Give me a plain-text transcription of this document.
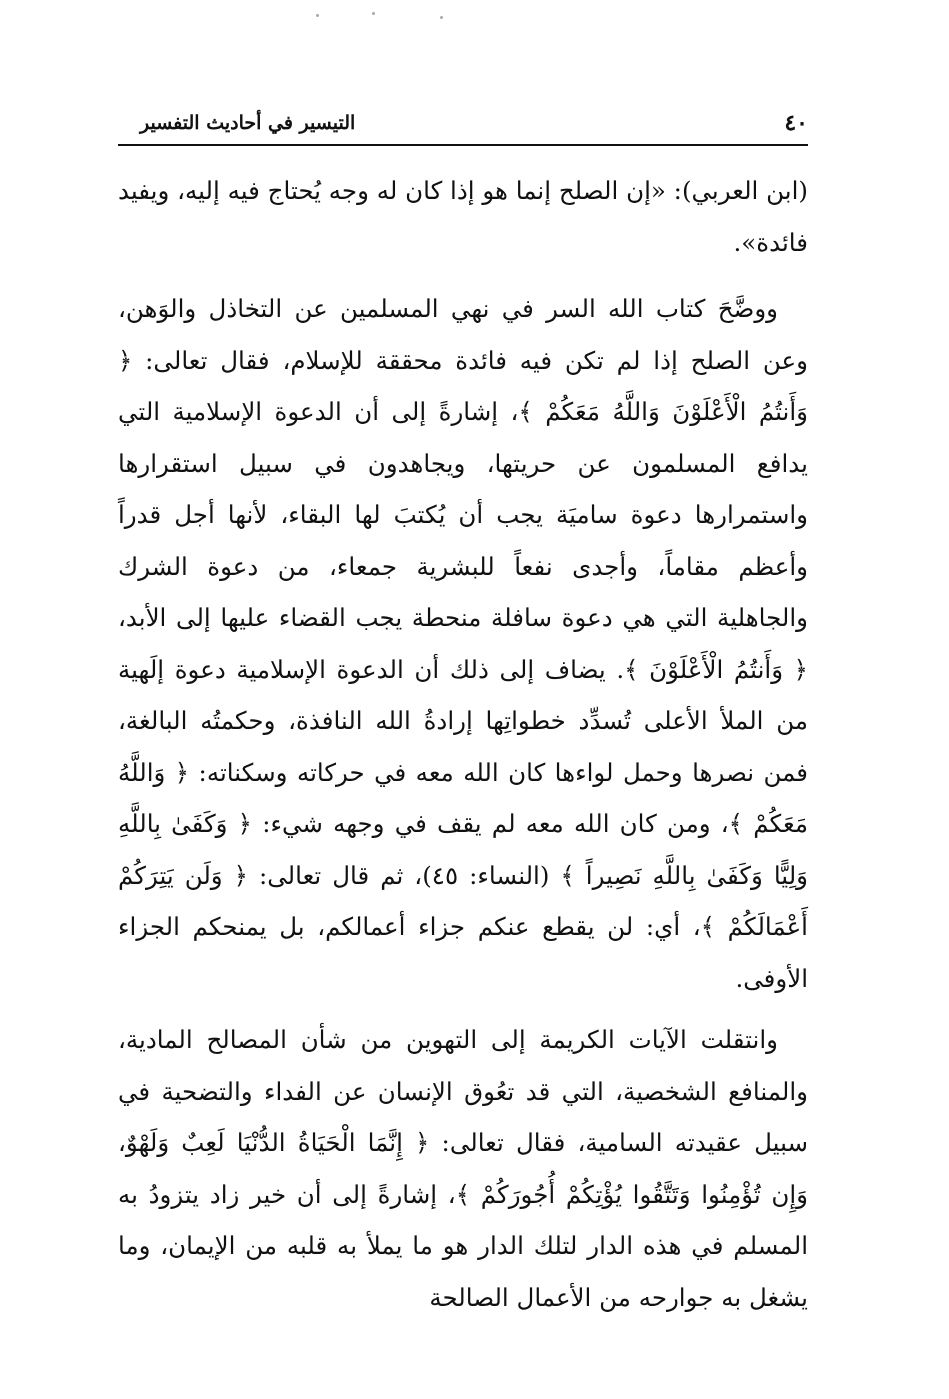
٤٠
التيسير في أحاديث التفسير

(ابن العربي): «إن الصلح إنما هو إذا كان له وجه يُحتاج فيه إليه، ويفيد فائدة».

ووضَّحَ كتاب الله السر في نهي المسلمين عن التخاذل والوَهن، وعن الصلح إذا لم تكن فيه فائدة محققة للإسلام، فقال تعالى: ﴿ وَأَنتُمُ الْأَعْلَوْنَ وَاللَّهُ مَعَكُمْ ﴾، إشارةً إلى أن الدعوة الإسلامية التي يدافع المسلمون عن حريتها، ويجاهدون في سبيل استقرارها واستمرارها دعوة ساميَة يجب أن يُكتبَ لها البقاء، لأنها أجل قدراً وأعظم مقاماً، وأجدى نفعاً للبشرية جمعاء، من دعوة الشرك والجاهلية التي هي دعوة سافلة منحطة يجب القضاء عليها إلى الأبد، ﴿ وَأَنتُمُ الْأَعْلَوْنَ ﴾. يضاف إلى ذلك أن الدعوة الإسلامية دعوة إلَهية من الملأ الأعلى تُسدِّد خطواتِها إرادةُ الله النافذة، وحكمتُه البالغة، فمن نصرها وحمل لواءها كان الله معه في حركاته وسكناته: ﴿ وَاللَّهُ مَعَكُمْ ﴾، ومن كان الله معه لم يقف في وجهه شيء: ﴿ وَكَفَىٰ بِاللَّهِ وَلِيًّا وَكَفَىٰ بِاللَّهِ نَصِيراً ﴾ (النساء: ٤٥)، ثم قال تعالى: ﴿ وَلَن يَتِرَكُمْ أَعْمَالَكُمْ ﴾، أي: لن يقطع عنكم جزاء أعمالكم، بل يمنحكم الجزاء الأوفى.

وانتقلت الآيات الكريمة إلى التهوين من شأن المصالح المادية، والمنافع الشخصية، التي قد تعُوق الإنسان عن الفداء والتضحية في سبيل عقيدته السامية، فقال تعالى: ﴿ إِنَّمَا الْحَيَاةُ الدُّنْيَا لَعِبٌ وَلَهْوٌ، وَإِن تُؤْمِنُوا وَتَتَّقُوا يُؤْتِكُمْ أُجُورَكُمْ ﴾، إشارةً إلى أن خير زاد يتزودُ به المسلم في هذه الدار لتلك الدار هو ما يملأ به قلبه من الإيمان، وما يشغل به جوارحه من الأعمال الصالحة
